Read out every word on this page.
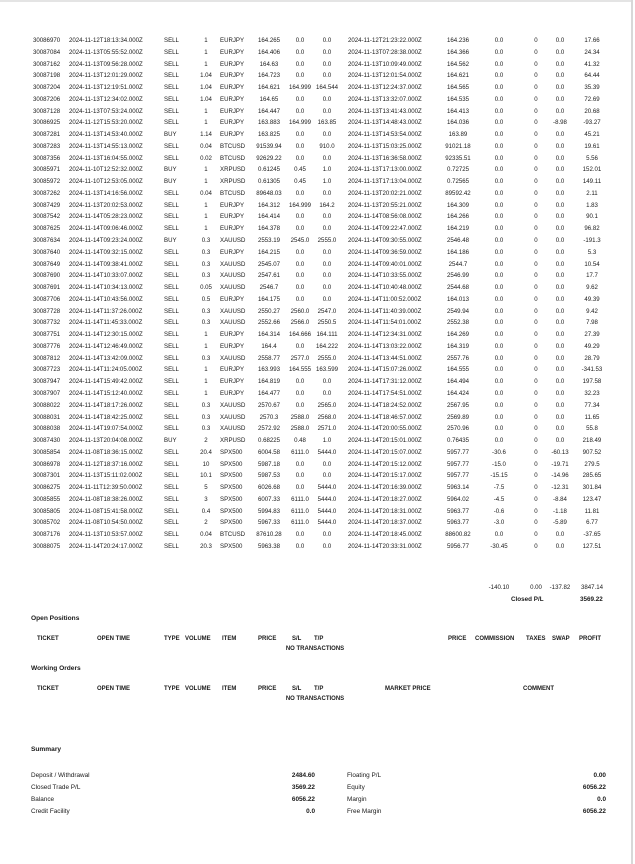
30086970 2024-11-12T18:13:34.000Z	SELL	1	EURJPY	164.265	0.0	0.0	2024-11-12T21:23:22.000Z	164.236	0.0	0	0.0	17.66
30087084 2024-11-13T05:55:52.000Z	SELL	1	EURJPY	164.406	0.0	0.0	2024-11-13T07:28:38.000Z	164.366	0.0	0	0.0	24.34
30087162 2024-11-13T09:56:28.000Z	SELL	1	EURJPY	164.63	0.0	0.0	2024-11-13T10:09:49.000Z	164.562	0.0	0	0.0	41.32
30087198 2024-11-13T12:01:29.000Z	SELL	1.04	EURJPY	164.723	0.0	0.0	2024-11-13T12:01:54.000Z	164.621	0.0	0	0.0	64.44
30087204 2024-11-13T12:19:51.000Z	SELL	1.04	EURJPY	164.621	164.999 164.544	2024-11-13T12:24:37.000Z	164.565	0.0	0	0.0	35.39
30087206 2024-11-13T12:34:02.000Z	SELL	1.04	EURJPY	164.65	0.0	0.0	2024-11-13T13:32:07.000Z	164.535	0.0	0	0.0	72.69
30087128 2024-11-13T07:53:24.000Z	SELL	1	EURJPY	164.447	0.0	0.0	2024-11-13T13:41:43.000Z	164.413	0.0	0	0.0	20.68
30086925 2024-11-12T15:53:20.000Z	SELL	1	EURJPY	163.883	164.999	163.85	2024-11-13T14:48:43.000Z	164.036	0.0	0	-8.98	-93.27
30087281 2024-11-13T14:53:40.000Z	BUY	1.14	EURJPY	163.825	0.0	0.0	2024-11-13T14:53:54.000Z	163.89	0.0	0	0.0	45.21
30087283 2024-11-13T14:55:13.000Z	SELL	0.04	BTCUSD	91539.94	0.0	910.0	2024-11-13T15:03:25.000Z	91021.18	0.0	0	0.0	19.61
30087356 2024-11-13T16:04:55.000Z	SELL	0.02	BTCUSD	92629.22	0.0	0.0	2024-11-13T16:36:58.000Z	92335.51	0.0	0	0.0	5.56
30085971 2024-11-10T12:52:32.000Z	BUY	1	XRPUSD	0.61245	0.45	1.0	2024-11-13T17:13:00.000Z	0.72725	0.0	0	0.0	152.01
30085972 2024-11-10T12:53:05.000Z	BUY	1	XRPUSD	0.61305	0.45	1.0	2024-11-13T17:13:04.000Z	0.72565	0.0	0	0.0	149.11
30087262 2024-11-13T14:16:56.000Z	SELL	0.04	BTCUSD	89648.03	0.0	0.0	2024-11-13T20:02:21.000Z	89592.42	0.0	0	0.0	2.11
30087429 2024-11-13T20:02:53.000Z	SELL	1	EURJPY	164.312	164.999	164.2	2024-11-13T20:55:21.000Z	164.309	0.0	0	0.0	1.83
30087542 2024-11-14T05:28:23.000Z	SELL	1	EURJPY	164.414	0.0	0.0	2024-11-14T08:56:08.000Z	164.266	0.0	0	0.0	90.1
30087625 2024-11-14T09:06:46.000Z	SELL	1	EURJPY	164.378	0.0	0.0	2024-11-14T09:22:47.000Z	164.219	0.0	0	0.0	96.82
30087634 2024-11-14T09:23:24.000Z	BUY	0.3	XAUUSD	2553.19	2545.0	2555.0	2024-11-14T09:30:55.000Z	2546.48	0.0	0	0.0	-191.3
30087640 2024-11-14T09:32:15.000Z	SELL	0.3	EURJPY	164.215	0.0	0.0	2024-11-14T09:36:59.000Z	164.186	0.0	0	0.0	5.3
30087649 2024-11-14T09:38:41.000Z	SELL	0.3	XAUUSD	2545.07	0.0	0.0	2024-11-14T09:40:01.000Z	2544.7	0.0	0	0.0	10.54
30087690 2024-11-14T10:33:07.000Z	SELL	0.3	XAUUSD	2547.61	0.0	0.0	2024-11-14T10:33:55.000Z	2546.99	0.0	0	0.0	17.7
30087691 2024-11-14T10:34:13.000Z	SELL	0.05	XAUUSD	2546.7	0.0	0.0	2024-11-14T10:40:48.000Z	2544.68	0.0	0	0.0	9.62
30087706 2024-11-14T10:43:56.000Z	SELL	0.5	EURJPY	164.175	0.0	0.0	2024-11-14T11:00:52.000Z	164.013	0.0	0	0.0	49.39
30087728 2024-11-14T11:37:26.000Z	SELL	0.3	XAUUSD	2550.27	2560.0	2547.0	2024-11-14T11:40:39.000Z	2549.94	0.0	0	0.0	9.42
30087732 2024-11-14T11:45:33.000Z	SELL	0.3	XAUUSD	2552.66	2566.0	2550.5	2024-11-14T11:54:01.000Z	2552.38	0.0	0	0.0	7.98
30087751 2024-11-14T12:30:15.000Z	SELL	1	EURJPY	164.314	164.666 164.111	2024-11-14T12:34:31.000Z	164.269	0.0	0	0.0	27.39
30087776 2024-11-14T12:46:49.000Z	SELL	1	EURJPY	164.4	0.0	164.222	2024-11-14T13:03:22.000Z	164.319	0.0	0	0.0	49.29
30087812 2024-11-14T13:42:09.000Z	SELL	0.3	XAUUSD	2558.77	2577.0	2555.0	2024-11-14T13:44:51.000Z	2557.76	0.0	0	0.0	28.79
30087723 2024-11-14T11:24:05.000Z	SELL	1	EURJPY	163.993	164.555 163.599	2024-11-14T15:07:26.000Z	164.555	0.0	0	0.0	-341.53
30087947 2024-11-14T15:49:42.000Z	SELL	1	EURJPY	164.819	0.0	0.0	2024-11-14T17:31:12.000Z	164.494	0.0	0	0.0	197.58
30087907 2024-11-14T15:12:40.000Z	SELL	1	EURJPY	164.477	0.0	0.0	2024-11-14T17:54:51.000Z	164.424	0.0	0	0.0	32.23
30088022 2024-11-14T18:17:26.000Z	SELL	0.3	XAUUSD	2570.67	0.0	2565.0	2024-11-14T18:24:52.000Z	2567.95	0.0	0	0.0	77.34
30088031 2024-11-14T18:42:25.000Z	SELL	0.3	XAUUSD	2570.3	2588.0	2568.0	2024-11-14T18:46:57.000Z	2569.89	0.0	0	0.0	11.65
30088038 2024-11-14T19:07:54.000Z	SELL	0.3	XAUUSD	2572.92	2588.0	2571.0	2024-11-14T20:00:55.000Z	2570.96	0.0	0	0.0	55.8
30087430 2024-11-13T20:04:08.000Z	BUY	2	XRPUSD	0.68225	0.48	1.0	2024-11-14T20:15:01.000Z	0.76435	0.0	0	0.0	218.49
30085854 2024-11-08T18:36:15.000Z	SELL	20.4	SPX500	6004.58	6111.0	5444.0	2024-11-14T20:15:07.000Z	5957.77	-30.6	0	-60.13	907.52
30086978 2024-11-12T18:37:16.000Z	SELL	10	SPX500	5987.18	0.0	0.0	2024-11-14T20:15:12.000Z	5957.77	-15.0	0	-19.71	279.5
30087301 2024-11-13T15:11:02.000Z	SELL	10.1	SPX500	5987.53	0.0	0.0	2024-11-14T20:15:17.000Z	5957.77	-15.15	0	-14.96	285.65
30086275 2024-11-11T12:39:50.000Z	SELL	5	SPX500	6026.68	0.0	5444.0	2024-11-14T20:16:39.000Z	5963.14	-7.5	0	-12.31	301.84
30085855 2024-11-08T18:38:26.000Z	SELL	3	SPX500	6007.33	6111.0	5444.0	2024-11-14T20:18:27.000Z	5964.02	-4.5	0	-8.84	123.47
30085805 2024-11-08T15:41:58.000Z	SELL	0.4	SPX500	5994.83	6111.0	5444.0	2024-11-14T20:18:31.000Z	5963.77	-0.6	0	-1.18	11.81
30085702 2024-11-08T10:54:50.000Z	SELL	2	SPX500	5967.33	6111.0	5444.0	2024-11-14T20:18:37.000Z	5963.77	-3.0	0	-5.89	6.77
30087176 2024-11-13T10:53:57.000Z	SELL	0.04	BTCUSD	87610.28	0.0	0.0	2024-11-14T20:18:45.000Z	88600.82	0.0	0	0.0	-37.65
30088075 2024-11-14T20:24:17.000Z	SELL	20.3	SPX500	5963.38	0.0	0.0	2024-11-14T20:33:31.000Z	5956.77	-30.45	0	0.0	127.51
-140.10	0.00 -137.82	3847.14
Closed P/L	3569.22
Open Positions
TICKET	OPEN TIME	TYPE VOLUME ITEM	PRICE	S/L T/P	PRICE COMMISSION TAXES SWAP PROFIT
NO TRANSACTIONS
Working Orders
TICKET	OPEN TIME	TYPE VOLUME ITEM	PRICE	S/L T/P	MARKET PRICE	COMMENT
NO TRANSACTIONS
Summary
Deposit / Withdrawal	2484.60	Floating P/L	0.00
Closed Trade P/L	3569.22	Equity	6056.22
Balance	6056.22	Margin	0.0
Credit Facility	0.0	Free Margin	6056.22
